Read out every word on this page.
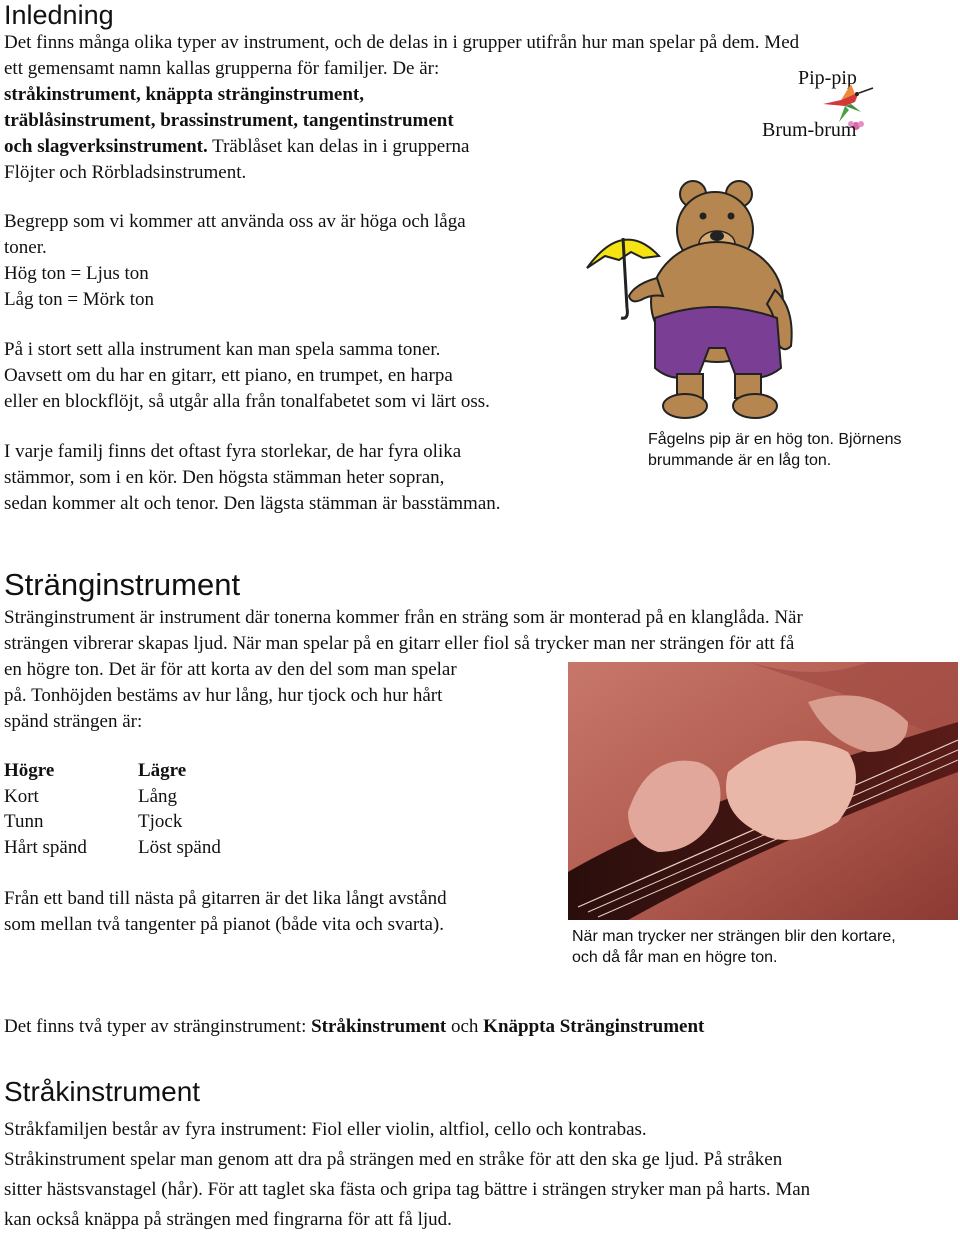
Inledning

Det finns många olika typer av instrument, och de delas in i grupper utifrån hur man spelar på dem. Med

ett gemensamt namn kallas grupperna för familjer. De är:

stråkinstrument, knäppta stränginstrument,

träblåsinstrument, brassinstrument, tangentinstrument

och slagverksinstrument. Träblåset kan delas in i grupperna

Flöjter och Rörbladsinstrument.

Begrepp som vi kommer att använda oss av är höga och låga

toner.

Hög ton = Ljus ton

Låg ton = Mörk ton

På i stort sett alla instrument kan man spela samma toner.

Oavsett om du har en gitarr, ett piano, en trumpet, en harpa

eller en blockflöjt, så utgår alla från tonalfabetet som vi lärt oss.

I varje familj finns det oftast fyra storlekar, de har fyra olika

stämmor, som i en kör. Den högsta stämman heter sopran,

sedan kommer alt och tenor. Den lägsta stämman är basstämman.

Pip-pip
Brum-brum
Fågelns pip är en hög ton. Björnens
brummande är en låg ton.
Stränginstrument

Stränginstrument är instrument där tonerna kommer från en sträng som är monterad på en klanglåda. När

strängen vibrerar skapas ljud. När man spelar på en gitarr eller fiol så trycker man ner strängen för att få

en högre ton. Det är för att korta av den del som man spelar

på. Tonhöjden bestäms av hur lång, hur tjock och hur hårt

spänd strängen är:

Högre	Lägre
Kort	Lång
Tunn	Tjock
Hårt spänd	Löst spänd

Från ett band till nästa på gitarren är det lika långt avstånd

som mellan två tangenter på pianot (både vita och svarta).

När man trycker ner strängen blir den kortare,
och då får man en högre ton.

Det finns två typer av stränginstrument: Stråkinstrument och Knäppta Stränginstrument

Stråkinstrument

Stråkfamiljen består av fyra instrument: Fiol eller violin, altfiol, cello och kontrabas.

Stråkinstrument spelar man genom att dra på strängen med en stråke för att den ska ge ljud. På stråken

sitter hästsvanstagel (hår). För att taglet ska fästa och gripa tag bättre i strängen stryker man på harts. Man

kan också knäppa på strängen med fingrarna för att få ljud.
